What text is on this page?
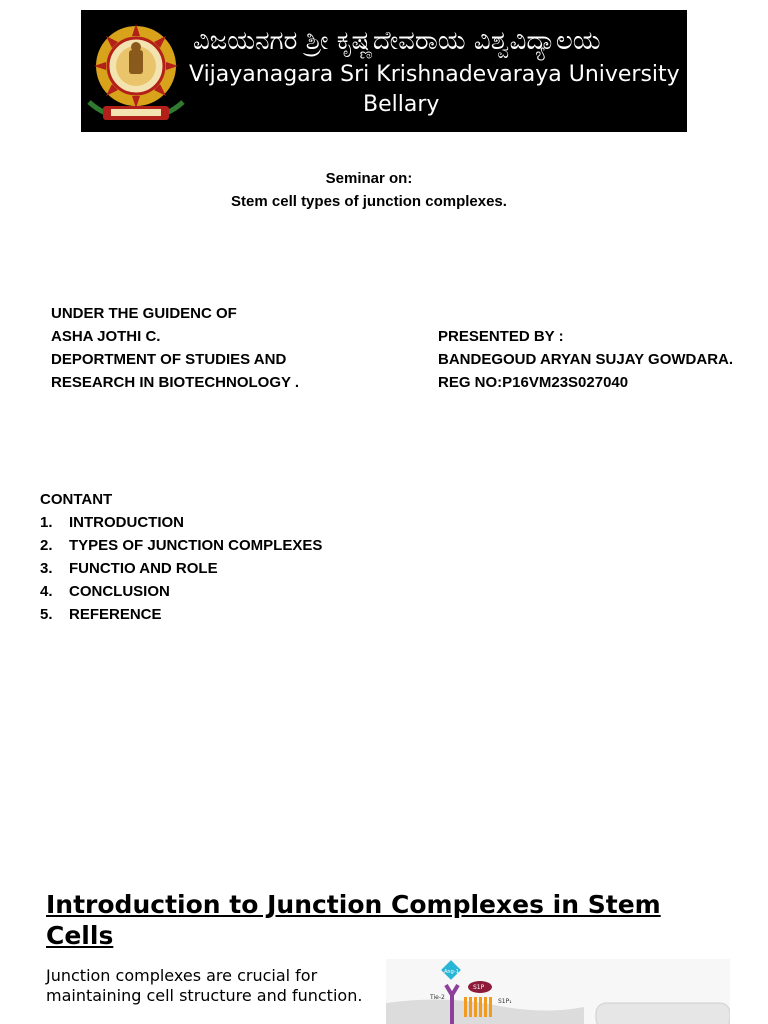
ವಿಜಯನಗರ ಶ್ರೀ ಕೃಷ್ಣದೇವರಾಯ ವಿಶ್ವವಿದ್ಯಾಲಯ
Vijayanagara Sri Krishnadevaraya University
Bellary
Seminar on:
Stem cell types of junction complexes.
UNDER THE GUIDENC OF
ASHA JOTHI C.
DEPORTMENT OF STUDIES AND
RESEARCH IN BIOTECHNOLOGY .
PRESENTED BY :
BANDEGOUD ARYAN SUJAY GOWDARA.
REG NO:P16VM23S027040
CONTANT
1.	INTRODUCTION
2.	TYPES OF JUNCTION COMPLEXES
3.	FUNCTIO AND ROLE
4.	CONCLUSION
5.	REFERENCE
Introduction to Junction Complexes in Stem Cells
Junction complexes are crucial for maintaining cell structure and function.
Ang-1
Tie-2
S1P
S1P₁
